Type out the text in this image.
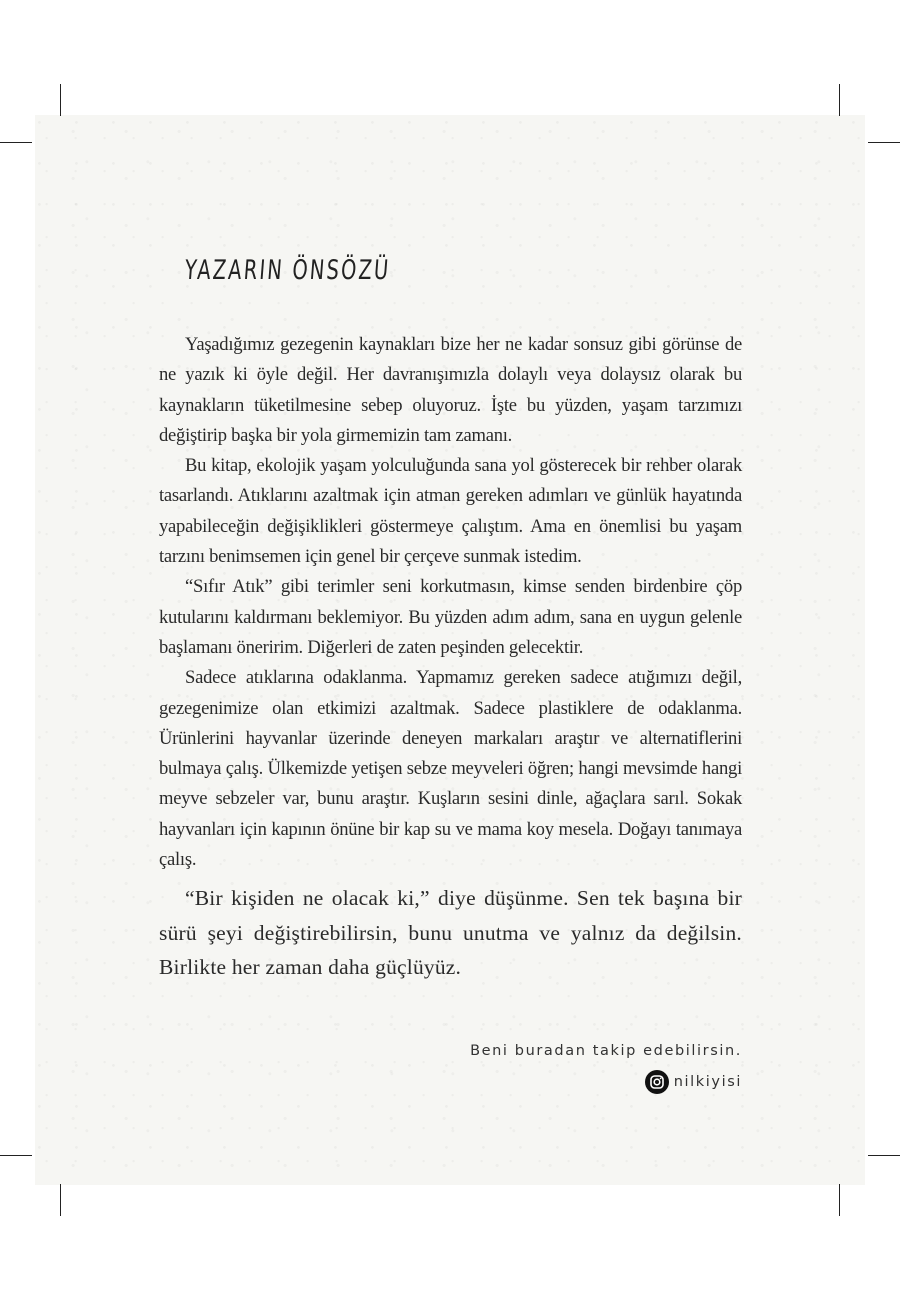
YAZARIN ÖNSÖZÜ

Yaşadığımız gezegenin kaynakları bize her ne kadar sonsuz gibi görünse de ne yazık ki öyle değil. Her davranışımızla dolaylı veya dolaysız olarak bu kaynakların tüketilmesine sebep oluyoruz. İşte bu yüzden, yaşam tarzımızı değiştirip başka bir yola girmemizin tam zamanı.

Bu kitap, ekolojik yaşam yolculuğunda sana yol gösterecek bir rehber olarak tasarlandı. Atıklarını azaltmak için atman gereken adımları ve günlük hayatında yapabileceğin değişiklikleri göstermeye çalıştım. Ama en önemlisi bu yaşam tarzını benimsemen için genel bir çerçeve sunmak istedim.

“Sıfır Atık” gibi terimler seni korkutmasın, kimse senden birdenbire çöp kutularını kaldırmanı beklemiyor. Bu yüzden adım adım, sana en uygun gelenle başlamanı öneririm. Diğerleri de zaten peşinden gelecektir.

Sadece atıklarına odaklanma. Yapmamız gereken sadece atığımızı değil, gezegenimize olan etkimizi azaltmak. Sadece plastiklere de odaklanma. Ürünlerini hayvanlar üzerinde deneyen markaları araştır ve alternatiflerini bulmaya çalış. Ülkemizde yetişen sebze meyveleri öğren; hangi mevsimde hangi meyve sebzeler var, bunu araştır. Kuşların sesini dinle, ağaçlara sarıl. Sokak hayvanları için kapının önüne bir kap su ve mama koy mesela. Doğayı tanımaya çalış.

“Bir kişiden ne olacak ki,” diye düşünme. Sen tek başına bir sürü şeyi değiştirebilirsin, bunu unutma ve yalnız da değilsin. Birlikte her zaman daha güçlüyüz.

Beni buradan takip edebilirsin.
nilkiyisi
